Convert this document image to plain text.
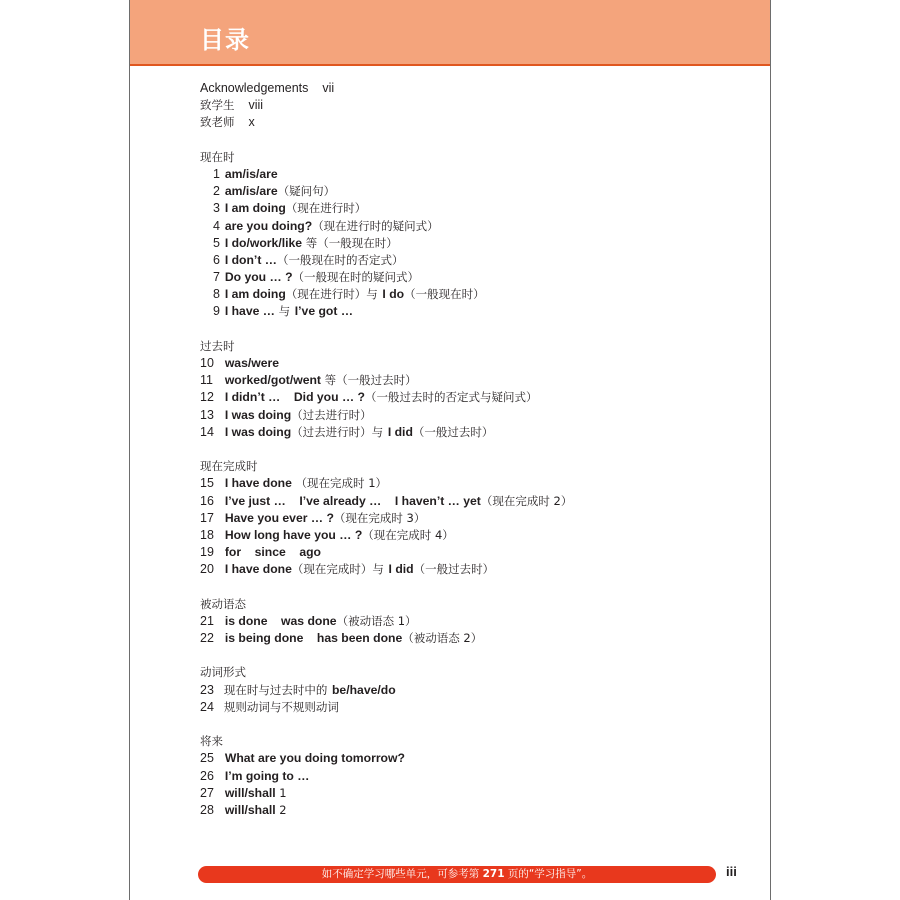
目录
Acknowledgements vii
致学生 viii
致老师 x
现在时
1 am/is/are
2 am/is/are（疑问句）
3 I am doing（现在进行时）
4 are you doing?（现在进行时的疑问式）
5 I do/work/like 等（一般现在时）
6 I don’t …（一般现在时的否定式）
7 Do you … ?（一般现在时的疑问式）
8 I am doing（现在进行时）与 I do（一般现在时）
9 I have … 与 I’ve got …
过去时
10 was/were
11 worked/got/went 等（一般过去时）
12 I didn’t …    Did you … ?（一般过去时的否定式与疑问式）
13 I was doing（过去进行时）
14 I was doing（过去进行时）与 I did（一般过去时）
现在完成时
15 I have done （现在完成时 1）
16 I’ve just …    I’ve already …    I haven’t … yet（现在完成时 2）
17 Have you ever … ?（现在完成时 3）
18 How long have you … ?（现在完成时 4）
19 for    since    ago
20 I have done（现在完成时）与 I did（一般过去时）
被动语态
21 is done    was done（被动语态 1）
22 is being done    has been done（被动语态 2）
动词形式
23 现在时与过去时中的 be/have/do
24 规则动词与不规则动词
将来
25 What are you doing tomorrow?
26 I’m going to …
27 will/shall 1
28 will/shall 2
如不确定学习哪些单元，可参考第 271 页的“学习指导”。	iii
